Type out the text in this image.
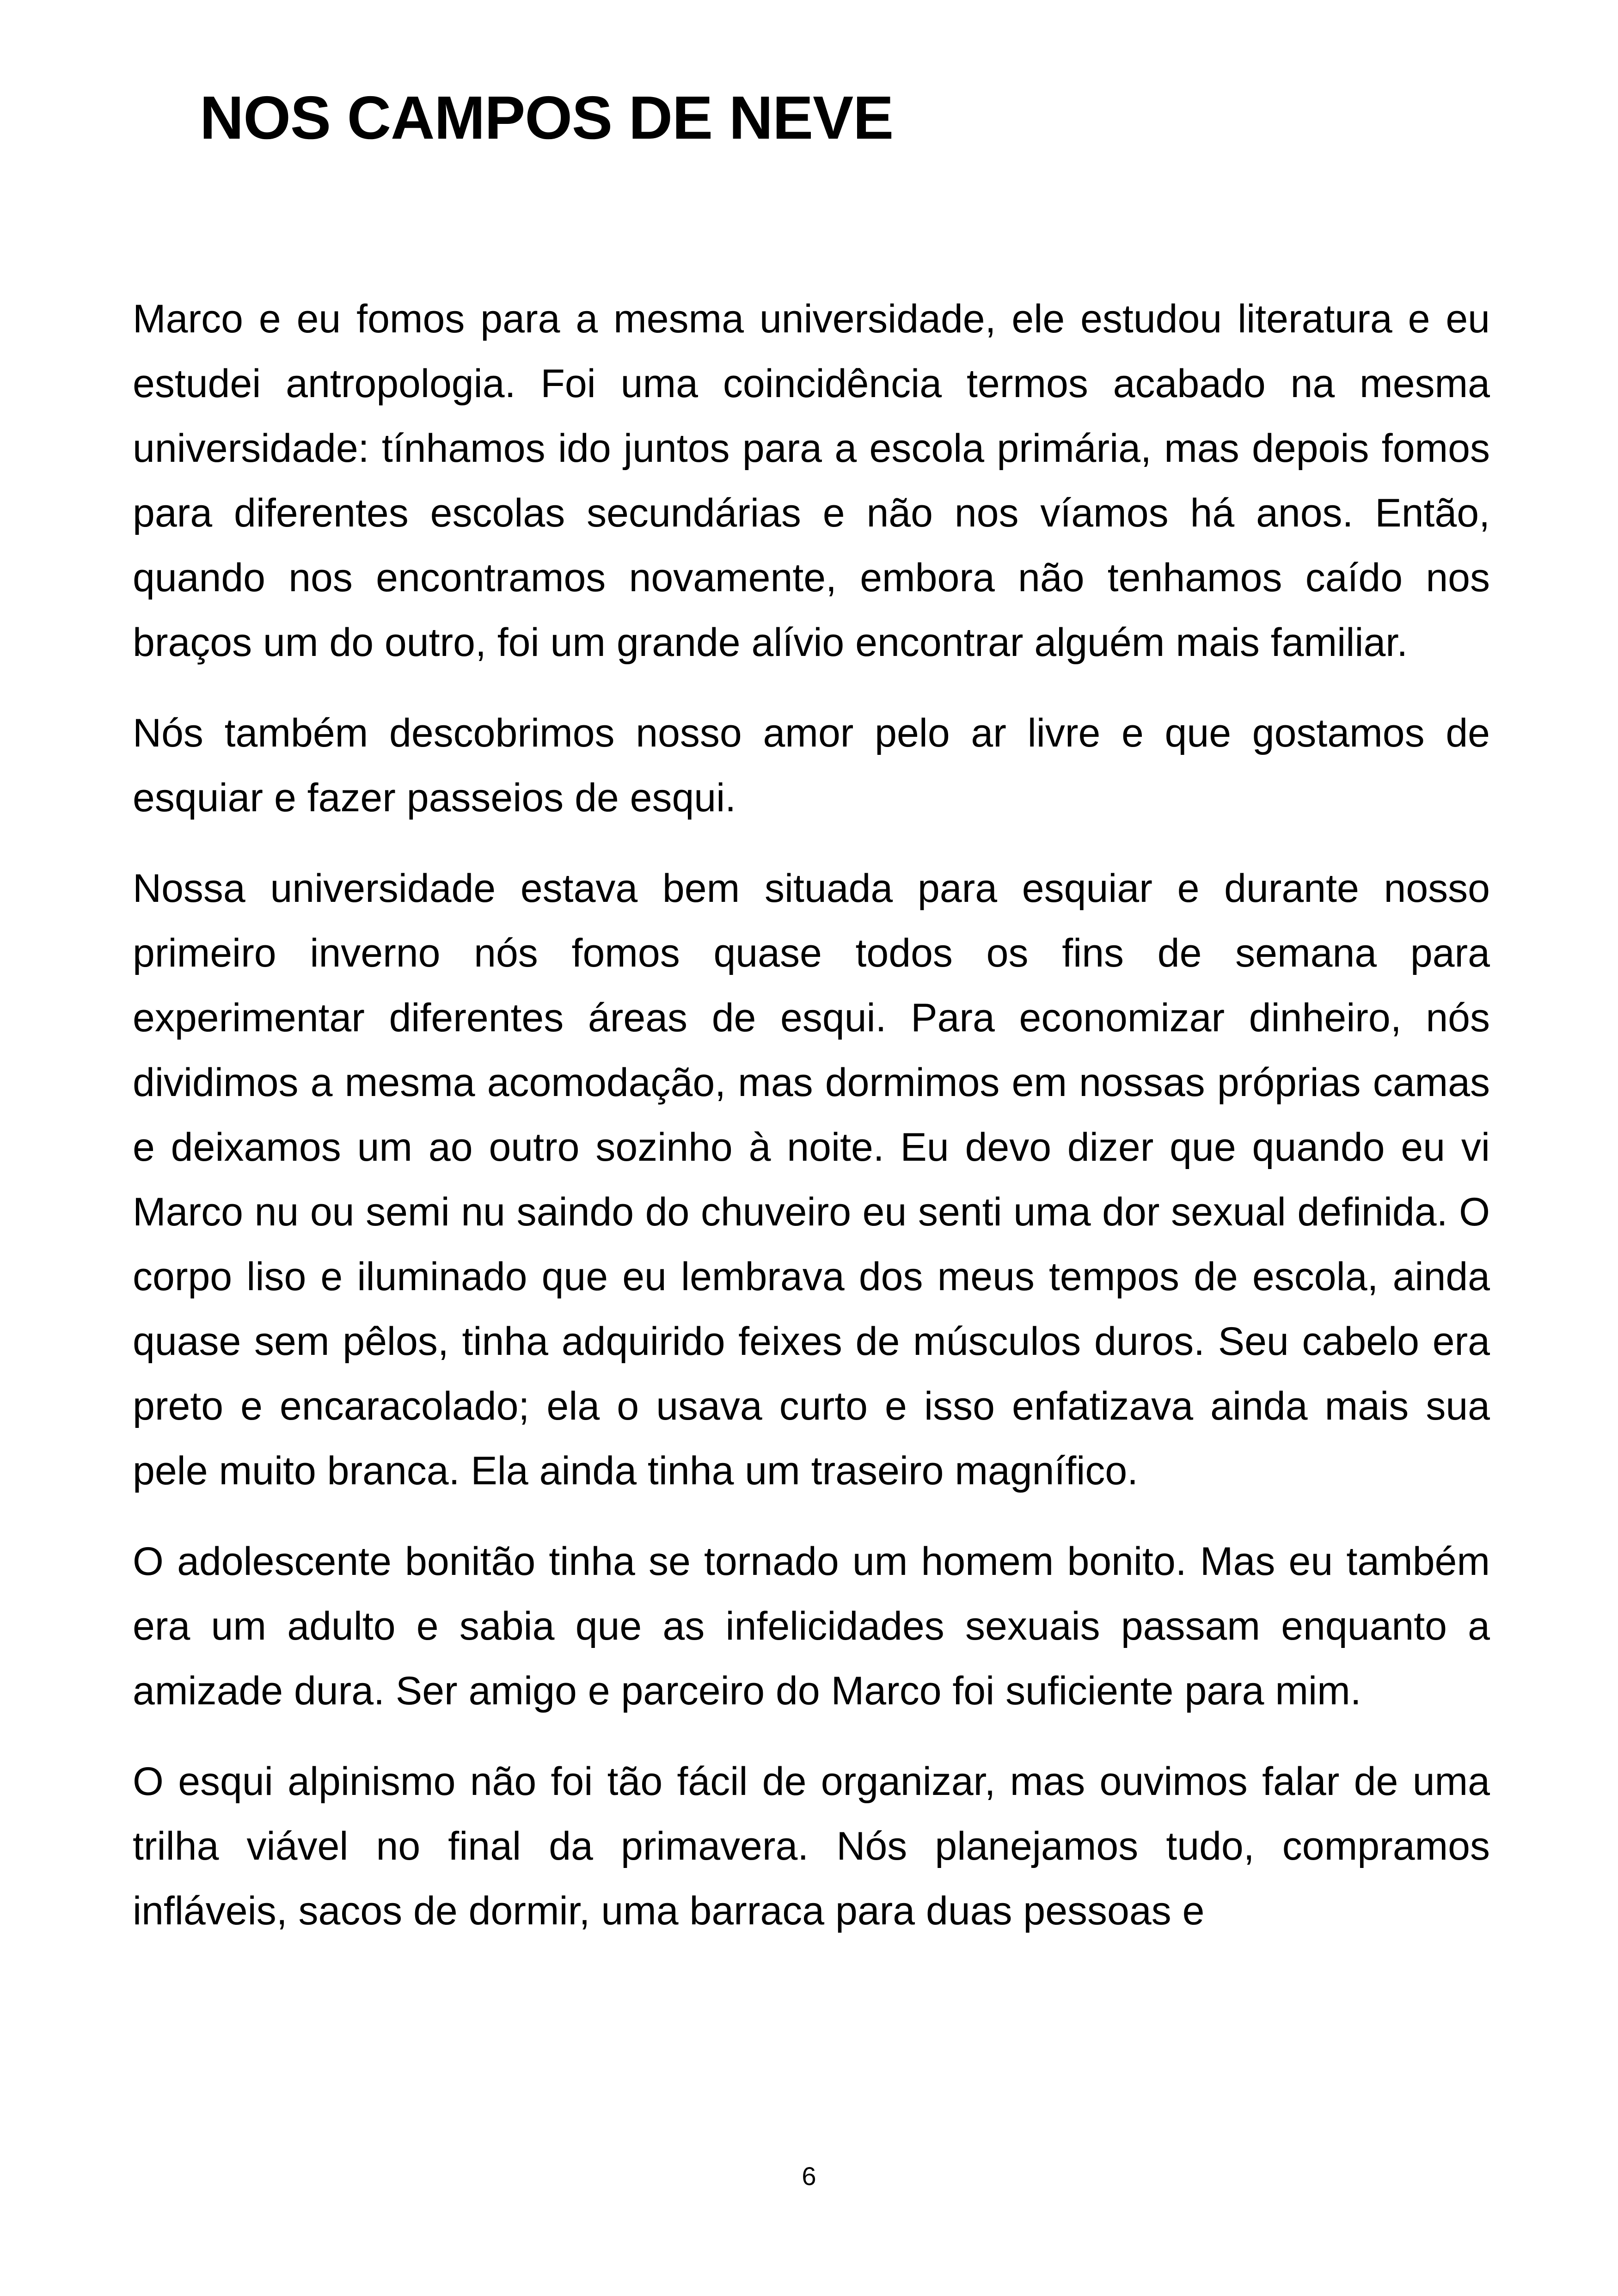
NOS CAMPOS DE NEVE

Marco e eu fomos para a mesma universidade, ele estudou literatura e eu estudei antropologia. Foi uma coincidência termos acabado na mesma universidade: tínhamos ido juntos para a escola primária, mas depois fomos para diferentes escolas secundárias e não nos víamos há anos. Então, quando nos encontramos novamente, embora não tenhamos caído nos braços um do outro, foi um grande alívio encontrar alguém mais familiar.

Nós também descobrimos nosso amor pelo ar livre e que gostamos de esquiar e fazer passeios de esqui.

Nossa universidade estava bem situada para esquiar e durante nosso primeiro inverno nós fomos quase todos os fins de semana para experimentar diferentes áreas de esqui. Para economizar dinheiro, nós dividimos a mesma acomodação, mas dormimos em nossas próprias camas e deixamos um ao outro sozinho à noite. Eu devo dizer que quando eu vi Marco nu ou semi nu saindo do chuveiro eu senti uma dor sexual definida. O corpo liso e iluminado que eu lembrava dos meus tempos de escola, ainda quase sem pêlos, tinha adquirido feixes de músculos duros. Seu cabelo era preto e encaracolado; ela o usava curto e isso enfatizava ainda mais sua pele muito branca. Ela ainda tinha um traseiro magnífico.

O adolescente bonitão tinha se tornado um homem bonito. Mas eu também era um adulto e sabia que as infelicidades sexuais passam enquanto a amizade dura. Ser amigo e parceiro do Marco foi suficiente para mim.

O esqui alpinismo não foi tão fácil de organizar, mas ouvimos falar de uma trilha viável no final da primavera. Nós planejamos tudo, compramos infláveis, sacos de dormir, uma barraca para duas pessoas e

6
